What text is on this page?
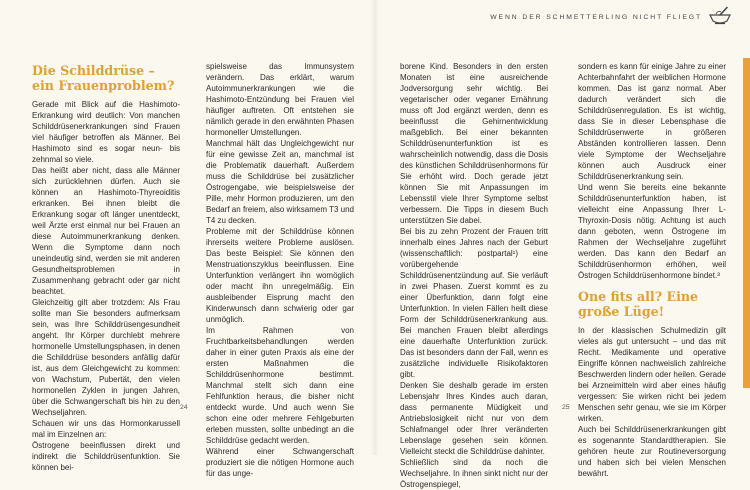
WENN DER SCHMETTERLING NICHT FLIEGT
Die Schilddrüse – ein Frauenproblem?

Gerade mit Blick auf die Hashimoto-Erkrankung wird deutlich: Von manchen Schilddrüsenerkrankungen sind Frauen viel häufiger betroffen als Männer. Bei Hashimoto sind es sogar neun- bis zehnmal so viele.

Das heißt aber nicht, dass alle Männer sich zurücklehnen dürfen. Auch sie können an Hashimoto-Thyreoiditis erkranken. Bei ihnen bleibt die Erkrankung sogar oft länger unentdeckt, weil Ärzte erst einmal nur bei Frauen an diese Autoimmunerkrankung denken. Wenn die Symptome dann noch uneindeutig sind, werden sie mit anderen Gesundheitsproblemen in Zusammenhang gebracht oder gar nicht beachtet.

Gleichzeitig gilt aber trotzdem: Als Frau sollte man Sie besonders aufmerksam sein, was Ihre Schilddrüsengesundheit angeht. Ihr Körper durchlebt mehrere hormonelle Umstellungsphasen, in denen die Schilddrüse besonders anfällig dafür ist, aus dem Gleichgewicht zu kommen: von Wachstum, Pubertät, den vielen hormonellen Zyklen in jungen Jahren, über die Schwangerschaft bis hin zu den Wechseljahren.

Schauen wir uns das Hormonkarussell mal im Einzelnen an:

Östrogene beeinflussen direkt und indirekt die Schilddrüsenfunktion. Sie können bei-

spielsweise das Immunsystem verändern. Das erklärt, warum Autoimmunerkrankungen wie die Hashimoto-Entzündung bei Frauen viel häufiger auftreten. Oft entstehen sie nämlich gerade in den erwähnten Phasen hormoneller Umstellungen.

Manchmal hält das Ungleichgewicht nur für eine gewisse Zeit an, manchmal ist die Problematik dauerhaft. Außerdem muss die Schilddrüse bei zusätzlicher Östrogengabe, wie beispielsweise der Pille, mehr Hormon produzieren, um den Bedarf an freiem, also wirksamem T3 und T4 zu decken.

Probleme mit der Schilddrüse können ihrerseits weitere Probleme auslösen. Das beste Beispiel: Sie können den Menstruationszyklus beeinflussen. Eine Unterfunktion verlängert ihn womöglich oder macht ihn unregelmäßig. Ein ausbleibender Eisprung macht den Kinderwunsch dann schwierig oder gar unmöglich.

Im Rahmen von Fruchtbarkeitsbehandlungen werden daher in einer guten Praxis als eine der ersten Maßnahmen die Schilddrüsenhormone bestimmt. Manchmal stellt sich dann eine Fehlfunktion heraus, die bisher nicht entdeckt wurde. Und auch wenn Sie schon eine oder mehrere Fehlgeburten erleben mussten, sollte unbedingt an die Schilddrüse gedacht werden.

Während einer Schwangerschaft produziert sie die nötigen Hormone auch für das unge-

borene Kind. Besonders in den ersten Monaten ist eine ausreichende Jodversorgung sehr wichtig. Bei vegetarischer oder veganer Ernährung muss oft Jod ergänzt werden, denn es beeinflusst die Gehirnentwicklung maßgeblich. Bei einer bekannten Schilddrüsenunterfunktion ist es wahrscheinlich notwendig, dass die Dosis des künstlichen Schilddrüsenhormons für Sie erhöht wird. Doch gerade jetzt können Sie mit Anpassungen im Lebensstil viele Ihrer Symptome selbst verbessern. Die Tipps in diesem Buch unterstützen Sie dabei.

Bei bis zu zehn Prozent der Frauen tritt innerhalb eines Jahres nach der Geburt (wissenschaftlich: postpartal¹) eine vorübergehende Schilddrüsenentzündung auf. Sie verläuft in zwei Phasen. Zuerst kommt es zu einer Überfunktion, dann folgt eine Unterfunktion. In vielen Fällen heilt diese Form der Schilddrüsenerkrankung aus. Bei manchen Frauen bleibt allerdings eine dauerhafte Unterfunktion zurück. Das ist besonders dann der Fall, wenn es zusätzliche individuelle Risikofaktoren gibt.

Denken Sie deshalb gerade im ersten Lebensjahr Ihres Kindes auch daran, dass permanente Müdigkeit und Antriebslosigkeit nicht nur von dem Schlafmangel oder Ihrer veränderten Lebenslage gesehen sein können. Vielleicht steckt die Schilddrüse dahinter.

Schließlich sind da noch die Wechseljahre. In ihnen sinkt nicht nur der Östrogenspiegel,

sondern es kann für einige Jahre zu einer Achterbahnfahrt der weiblichen Hormone kommen. Das ist ganz normal. Aber dadurch verändert sich die Schilddrüsenregulation. Es ist wichtig, dass Sie in dieser Lebensphase die Schilddrüsenwerte in größeren Abständen kontrollieren lassen. Denn viele Symptome der Wechseljahre können auch Ausdruck einer Schilddrüsenerkrankung sein.

Und wenn Sie bereits eine bekannte Schilddrüsenunterfunktion haben, ist vielleicht eine Anpassung Ihrer L-Thyroxin-Dosis nötig. Achtung ist auch dann geboten, wenn Östrogene im Rahmen der Wechseljahre zugeführt werden. Das kann den Bedarf an Schilddrüsenhormon erhöhen, weil Östrogen Schilddrüsenhormone bindet.³

One fits all? Eine große Lüge!

In der klassischen Schulmedizin gilt vieles als gut untersucht – und das mit Recht. Medikamente und operative Eingriffe können nachweislich zahlreiche Beschwerden lindern oder heilen. Gerade bei Arzneimitteln wird aber eines häufig vergessen: Sie wirken nicht bei jedem Menschen sehr genau, wie sie im Körper wirken.

Auch bei Schilddrüsenerkrankungen gibt es sogenannte Standardtherapien. Sie gehören heute zur Routineversorgung und haben sich bei vielen Menschen bewährt.

24	25
